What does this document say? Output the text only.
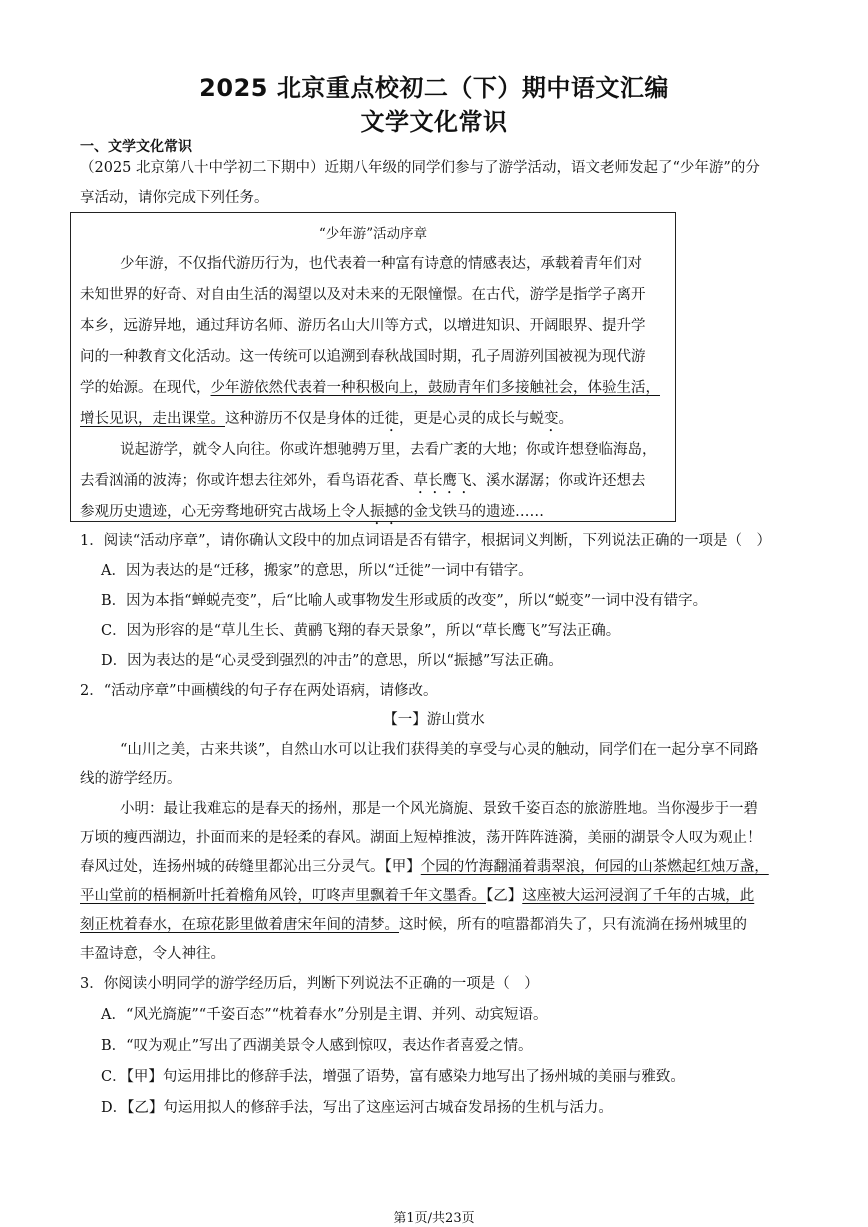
2025 北京重点校初二（下）期中语文汇编
文学文化常识
一、文学文化常识
（2025 北京第八十中学初二下期中）近期八年级的同学们参与了游学活动，语文老师发起了“少年游”的分
享活动，请你完成下列任务。
“少年游”活动序章
少年游，不仅指代游历行为，也代表着一种富有诗意的情感表达，承载着青年们对
未知世界的好奇、对自由生活的渴望以及对未来的无限憧憬。在古代，游学是指学子离开
本乡，远游异地，通过拜访名师、游历名山大川等方式，以增进知识、开阔眼界、提升学
问的一种教育文化活动。这一传统可以追溯到春秋战国时期，孔子周游列国被视为现代游
学的始源。在现代，少年游依然代表着一种积极向上，鼓励青年们多接触社会，体验生活，
增长见识，走出课堂。这种游历不仅是身体的迁徙，更是心灵的成长与蜕变。
说起游学，就令人向往。你或许想驰骋万里，去看广袤的大地；你或许想登临海岛，
去看汹涌的波涛；你或许想去往郊外，看鸟语花香、草长鹰飞、溪水潺潺；你或许还想去
参观历史遗迹，心无旁骛地研究古战场上令人振撼的金戈铁马的遗迹……
1．阅读“活动序章”，请你确认文段中的加点词语是否有错字，根据词义判断，下列说法正确的一项是（　）
A．因为表达的是“迁移，搬家”的意思，所以“迁徙”一词中有错字。
B．因为本指“蝉蜕壳变”，后“比喻人或事物发生形或质的改变”，所以“蜕变”一词中没有错字。
C．因为形容的是“草儿生长、黄鹂飞翔的春天景象”，所以“草长鹰飞”写法正确。
D．因为表达的是“心灵受到强烈的冲击”的意思，所以“振撼”写法正确。
2．“活动序章”中画横线的句子存在两处语病，请修改。
【一】游山赏水
“山川之美，古来共谈”，自然山水可以让我们获得美的享受与心灵的触动，同学们在一起分享不同路
线的游学经历。
小明：最让我难忘的是春天的扬州，那是一个风光旖旎、景致千姿百态的旅游胜地。当你漫步于一碧
万顷的瘦西湖边，扑面而来的是轻柔的春风。湖面上短棹推波，荡开阵阵涟漪，美丽的湖景令人叹为观止！
春风过处，连扬州城的砖缝里都沁出三分灵气。【甲】个园的竹海翻涌着翡翠浪，何园的山茶燃起红烛万盏，
平山堂前的梧桐新叶托着檐角风铃，叮咚声里飘着千年文墨香。【乙】这座被大运河浸润了千年的古城，此
刻正枕着春水，在琼花影里做着唐宋年间的清梦。这时候，所有的喧嚣都消失了，只有流淌在扬州城里的
丰盈诗意，令人神往。
3．你阅读小明同学的游学经历后，判断下列说法不正确的一项是（　）
A．“风光旖旎”“千姿百态”“枕着春水”分别是主谓、并列、动宾短语。
B．“叹为观止”写出了西湖美景令人感到惊叹，表达作者喜爱之情。
C．【甲】句运用排比的修辞手法，增强了语势，富有感染力地写出了扬州城的美丽与雅致。
D．【乙】句运用拟人的修辞手法，写出了这座运河古城奋发昂扬的生机与活力。
第1页/共23页
